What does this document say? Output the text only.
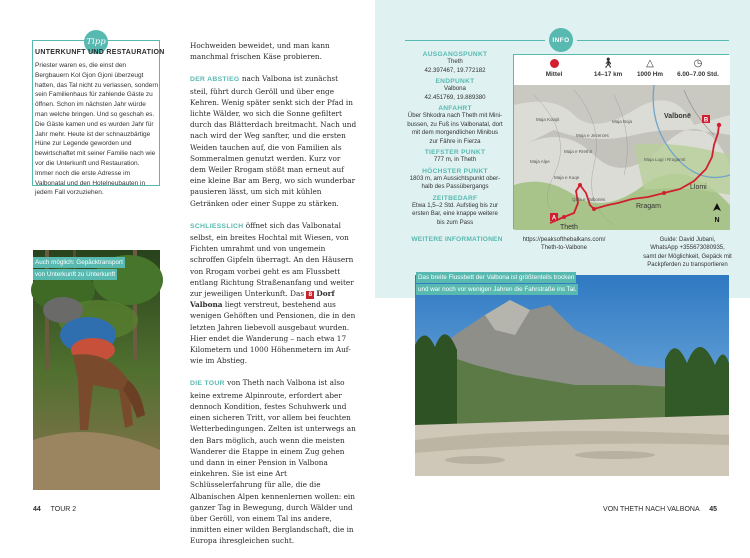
Tipp
UNTERKUNFT UND RESTAURATION
Priester waren es, die einst den Bergbauern Kol Gjon Gjoni überzeugt hatten, das Tal nicht zu verlassen, sondern sein Familienhaus für zahlende Gäste zu öffnen. Schon im nächsten Jahr würde man welche bringen. Und so geschah es. Die Gäste kamen und es wurden Jahr für Jahr mehr. Heute ist der schnauzbärtige Hüne zur Legende geworden und bewirtschaftet mit seiner Familie nach wie vor die Unterkunft und Restauration. Immer noch die erste Adresse im Valbonatal und den Hotelneubauten in jedem Fall vorzuziehen.
Auch möglich: Gepäcktransport
von Unterkunft zu Unterkunft

Hochweiden beweidet, und man kann manchmal frischen Käse probieren.

DER ABSTIEG nach Valbona ist zunächst steil, führt durch Geröll und über enge Kehren. Wenig später senkt sich der Pfad in lichte Wälder, wo sich die Sonne gefiltert durch das Blätterdach breitmacht. Nach und nach wird der Weg sanfter, und die ersten Weiden tauchen auf, die von Familien als Sommeralmen genutzt werden. Kurz vor dem Weiler Rrogam stößt man erneut auf eine kleine Bar am Berg, wo sich wunderbar pausieren lässt, um sich mit kühlen Getränken oder einer Suppe zu stärken.

SCHLIESSLICH öffnet sich das Valbonatal selbst, ein breites Hochtal mit Wiesen, von Fichten umrahmt und von ungemein schroffen Gipfeln überragt. An den Häusern von Rrogam vorbei geht es am Flussbett entlang Richtung Straßenanfang und weiter zur jeweiligen Unterkunft. Das 8 Dorf Valbona liegt verstreut, bestehend aus wenigen Gehöften und Pensionen, die in den letzten Jahren liebevoll ausgebaut wurden. Hier endet die Wanderung – nach etwa 17 Kilometern und 1000 Höhenmetern im Auf- wie im Abstieg.

DIE TOUR von Theth nach Valbona ist also keine extreme Alpinroute, erfordert aber dennoch Kondition, festes Schuhwerk und einen sicheren Tritt, vor allem bei feuchten Wetterbedingungen. Zelten ist unterwegs an den Bars möglich, auch wenn die meisten Wanderer die Etappe in einem Zug gehen und dann in einer Pension in Valbona einkehren. Sie ist eine Art Schlüsselerfahrung für alle, die die Albanischen Alpen kennenlernen wollen: ein ganzer Tag in Bewegung, durch Wälder und über Geröll, von einem Tal ins andere, inmitten einer wilden Berglandschaft, die in Europa ihresgleichen sucht.

44 TOUR 2
INFO
AUSGANGSPUNKT
Theth
42.397467, 19.772182
ENDPUNKT
Valbona
42.451769, 19.889380
ANFAHRT
Über Shkodra nach Theth mit Mini-
bussen, zu Fuß ins Valbonatal, dort
mit dem morgendlichen Minibus
zur Fähre in Fierza
TIEFSTER PUNKT
777 m, in Theth
HÖCHSTER PUNKT
1803 m, am Aussichtspunkt ober-
halb des Passübergangs
ZEITBEDARF
Etwa 1,5–2 Std. Aufstieg bis zur
ersten Bar, eine knappe weitere
bis zum Pass
Mittel
🚶︎
14–17 km
△
1000 Hm
◷
6.00–7.00 Std.
A
B
Valbonë
Rragam
Llomi
Theth
Maja Kolajit
Maja e Jezercës
Maja Alpe
Maja e Rrethit
Maja e Kuqe
Qafa e Valbonës
Maja Lugi i Rragamit
Maja Boja
N
WEITERE INFORMATIONEN	https://peaksofthebalkans.com/
Theth-to-Valbone
Guide: David Jubani,
WhatsApp +355673080935,
samt der Möglichkeit, Gepäck mit
Packpferden zu transportieren
Das breite Flussbett der Valbona ist größtenteils trocken
und war noch vor wenigen Jahren die Fahrstraße ins Tal.
VON THETH NACH VALBONA 45
